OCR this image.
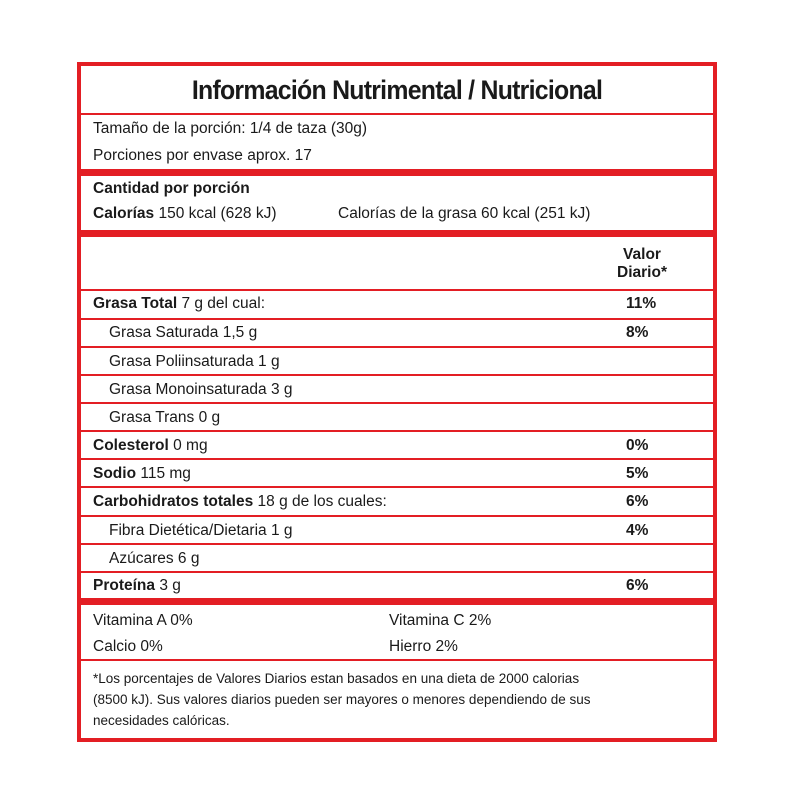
Información Nutrimental / Nutricional
Tamaño de la porción: 1/4 de taza (30g)
Porciones por envase aprox. 17
Cantidad por porción
Calorías 150 kcal (628 kJ)	Calorías de la grasa 60 kcal (251 kJ)
Valor
Diario*
Grasa Total 7 g del cual:	11%
Grasa Saturada 1,5 g	8%
Grasa Poliinsaturada 1 g
Grasa Monoinsaturada 3 g
Grasa Trans 0 g
Colesterol 0 mg	0%
Sodio 115 mg	5%
Carbohidratos totales 18 g de los cuales:	6%
Fibra Dietética/Dietaria 1 g	4%
Azúcares 6 g
Proteína 3 g	6%
Vitamina A 0%	Vitamina C 2%
Calcio 0%	Hierro 2%
*Los porcentajes de Valores Diarios estan basados en una dieta de 2000 calorias
(8500 kJ). Sus valores diarios pueden ser mayores o menores dependiendo de sus
necesidades calóricas.
